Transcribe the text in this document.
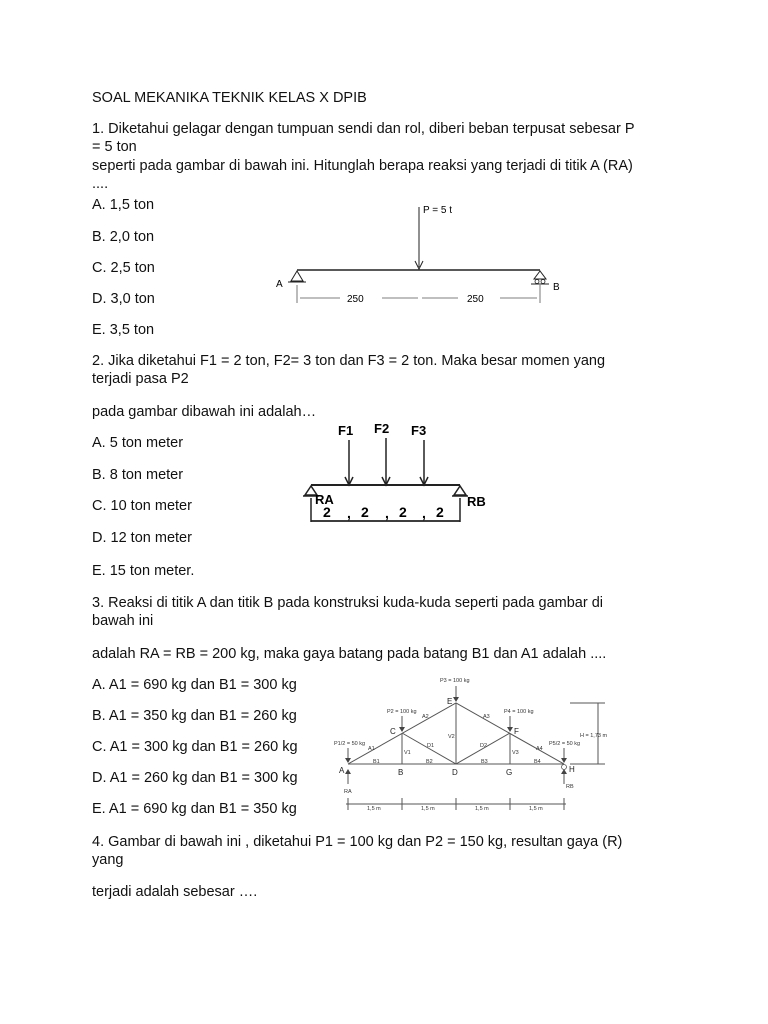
SOAL MEKANIKA TEKNIK KELAS X DPIB
1. Diketahui gelagar dengan tumpuan sendi dan rol, diberi beban terpusat sebesar P
= 5 ton
seperti pada gambar di bawah ini. Hitunglah berapa reaksi yang terjadi di titik A (RA)
....
A. 1,5 ton
B. 2,0 ton
C. 2,5 ton
D. 3,0 ton
E. 3,5 ton
P = 5 t
A	B
250	250
2. Jika diketahui F1 = 2 ton, F2= 3 ton dan F3 = 2 ton. Maka besar momen yang
terjadi pasa P2
pada gambar dibawah ini adalah…
A. 5 ton meter
B. 8 ton meter
C. 10 ton meter
D. 12 ton meter
E. 15 ton meter.
F1 F2 F3
RA	RB
2 2 2 2
, , ,
3. Reaksi di titik A dan titik B pada konstruksi kuda-kuda seperti pada gambar di
bawah ini
adalah RA = RB = 200 kg, maka gaya batang pada batang B1 dan A1 adalah ....
A. A1 = 690 kg dan B1 = 300 kg
B. A1 = 350 kg dan B1 = 260 kg
C. A1 = 300 kg dan B1 = 260 kg
D. A1 = 260 kg dan B1 = 300 kg
E. A1 = 690 kg dan B1 = 350 kg
P3 = 100 kg
P2 = 100 kg	P4 = 100 kg
P1/2 = 50 kg	P5/2 = 50 kg
H = 1,73 m
A1
A2	A3
A4
B1	B2	B3	B4
V1
V2
V3
D1	D2
RA
RB
1,5 m	1,5 m	1,5 m	1,5 m
A	B
C
D
E
F
G	H
4. Gambar di bawah ini , diketahui P1 = 100 kg dan P2 = 150 kg, resultan gaya (R)
yang
terjadi adalah sebesar ….
